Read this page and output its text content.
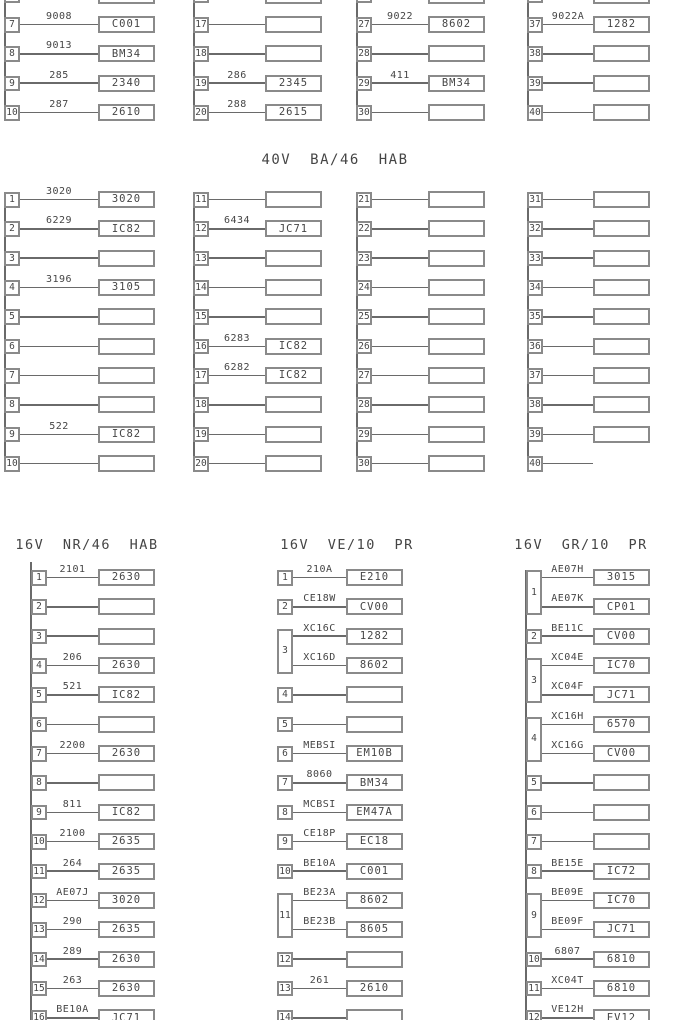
40V BA/46 HAB
16V NR/46 HAB	16V VE/10 PR	16V GR/10 PR
7
9008
C001
8
9013
BM34
9
285
2340
10
287
2610
17
18
19
286
2345
20
288
2615
27
9022
8602
28
29
411
BM34
30
37
9022A
1282
38
39
40
1
3020
3020
2
6229
IC82
3
4
3196
3105
5
6
7
8
9
522
IC82
10
11
12
6434
JC71
13
14
15
16
6283
IC82
17
6282
IC82
18
19
20
21
22
23
24
25
26
27
28
29
30
31
32
33
34
35
36
37
38
39
40
1
2101
2630
2
3
4
206
2630
5
521
IC82
6
7
2200
2630
8
9
811
IC82
10
2100
2635
11
264
2635
12
AE07J
3020
13
290
2635
14
289
2630
15
263
2630
16
BE10A
JC71
1
210A
E210
2
CE18W
CV00
3
XC16C
1282
XC16D
8602
4
5
6
MEBSI
EM10B
7
8060
BM34
8
MCBSI
EM47A
9
CE18P
EC18
10
BE10A
C001
11
BE23A
8602
BE23B
8605
12
13
261
2610
14
1
AE07H
3015
AE07K
CP01
2
BE11C
CV00
3
XC04E
IC70
XC04F
JC71
4
XC16H
6570
XC16G
CV00
5
6
7
8
BE15E
IC72
9
BE09E
IC70
BE09F
JC71
10
6807
6810
11
XC04T
6810
12
VE12H
EV12
